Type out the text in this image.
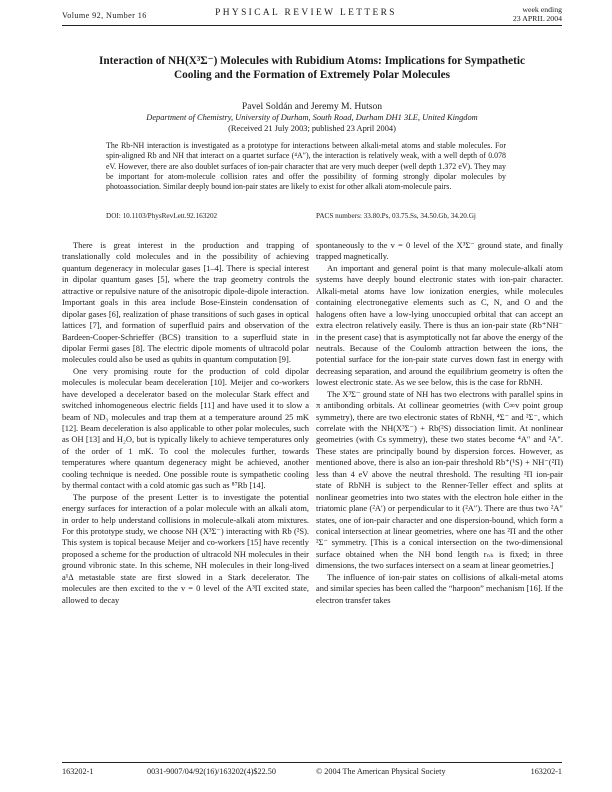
Volume 92, Number 16	PHYSICAL REVIEW LETTERS	week ending
23 APRIL 2004
Interaction of NH(X³Σ⁻) Molecules with Rubidium Atoms: Implications for Sympathetic
Cooling and the Formation of Extremely Polar Molecules
Pavel Soldán and Jeremy M. Hutson
Department of Chemistry, University of Durham, South Road, Durham DH1 3LE, United Kingdom
(Received 21 July 2003; published 23 April 2004)
The Rb-NH interaction is investigated as a prototype for interactions between alkali-metal atoms and stable molecules. For spin-aligned Rb and NH that interact on a quartet surface (⁴A″), the interaction is relatively weak, with a well depth of 0.078 eV. However, there are also doublet surfaces of ion-pair character that are very much deeper (well depth 1.372 eV). They may be important for atom-molecule collision rates and offer the possibility of forming strongly dipolar molecules by photoassociation. Similar deeply bound ion-pair states are likely to exist for other alkali atom-molecule pairs.
DOI: 10.1103/PhysRevLett.92.163202	PACS numbers: 33.80.Ps, 03.75.Ss, 34.50.Gb, 34.20.Gj

There is great interest in the production and trapping of translationally cold molecules and in the possibility of achieving quantum degeneracy in molecular gases [1–4]. There is special interest in dipolar quantum gases [5], where the trap geometry controls the attractive or repulsive nature of the anisotropic dipole-dipole interaction. Important goals in this area include Bose-Einstein condensation of dipolar gases [6], realization of phase transitions of such gases in optical lattices [7], and formation of superfluid pairs and observation of the Bardeen-Cooper-Schrieffer (BCS) transition to a superfluid state in dipolar Fermi gases [8]. The electric dipole moments of ultracold polar molecules could also be used as qubits in quantum computation [9].

One very promising route for the production of cold dipolar molecules is molecular beam deceleration [10]. Meijer and co-workers have developed a decelerator based on the molecular Stark effect and switched inhomogeneous electric fields [11] and have used it to slow a beam of ND₃ molecules and trap them at a temperature around 25 mK [12]. Beam deceleration is also applicable to other polar molecules, such as OH [13] and H₂O, but is typically likely to achieve temperatures only of the order of 1 mK. To cool the molecules further, towards temperatures where quantum degeneracy might be achieved, another cooling technique is needed. One possible route is sympathetic cooling by thermal contact with a cold atomic gas such as ⁸⁷Rb [14].

The purpose of the present Letter is to investigate the potential energy surfaces for interaction of a polar molecule with an alkali atom, in order to help understand collisions in molecule-alkali atom mixtures. For this prototype study, we choose NH (X³Σ⁻) interacting with Rb (²S). This system is topical because Meijer and co-workers [15] have recently proposed a scheme for the production of ultracold NH molecules in their ground vibronic state. In this scheme, NH molecules in their long-lived a¹Δ metastable state are first slowed in a Stark decelerator. The molecules are then excited to the v = 0 level of the A³Π excited state, allowed to decay

spontaneously to the v = 0 level of the X³Σ⁻ ground state, and finally trapped magnetically.

An important and general point is that many molecule-alkali atom systems have deeply bound electronic states with ion-pair character. Alkali-metal atoms have low ionization energies, while molecules containing electronegative elements such as C, N, and O and the halogens often have a low-lying unoccupied orbital that can accept an extra electron relatively easily. There is thus an ion-pair state (Rb⁺NH⁻ in the present case) that is asymptotically not far above the energy of the neutrals. Because of the Coulomb attraction between the ions, the potential surface for the ion-pair state curves down fast in energy with decreasing separation, and around the equilibrium geometry is often the lowest electronic state. As we see below, this is the case for RbNH.

The X³Σ⁻ ground state of NH has two electrons with parallel spins in π antibonding orbitals. At collinear geometries (with C∞v point group symmetry), there are two electronic states of RbNH, ⁴Σ⁻ and ²Σ⁻, which correlate with the NH(X³Σ⁻) + Rb(²S) dissociation limit. At nonlinear geometries (with Cs symmetry), these two states become ⁴A″ and ²A″. These states are principally bound by dispersion forces. However, as mentioned above, there is also an ion-pair threshold Rb⁺(¹S) + NH⁻(²Π) less than 4 eV above the neutral threshold. The resulting ²Π ion-pair state of RbNH is subject to the Renner-Teller effect and splits at nonlinear geometries into two states with the electron hole either in the triatomic plane (²A′) or perpendicular to it (²A″). There are thus two ²A″ states, one of ion-pair character and one dispersion-bound, which form a conical intersection at linear geometries, where one has ²Π and the other ²Σ⁻ symmetry. [This is a conical intersection on the two-dimensional surface obtained when the NH bond length rₙₕ is fixed; in three dimensions, the two surfaces intersect on a seam at linear geometries.]

The influence of ion-pair states on collisions of alkali-metal atoms and similar species has been called the “harpoon” mechanism [16]. If the electron transfer takes

163202-1	0031-9007/04/92(16)/163202(4)$22.50	© 2004 The American Physical Society	163202-1
